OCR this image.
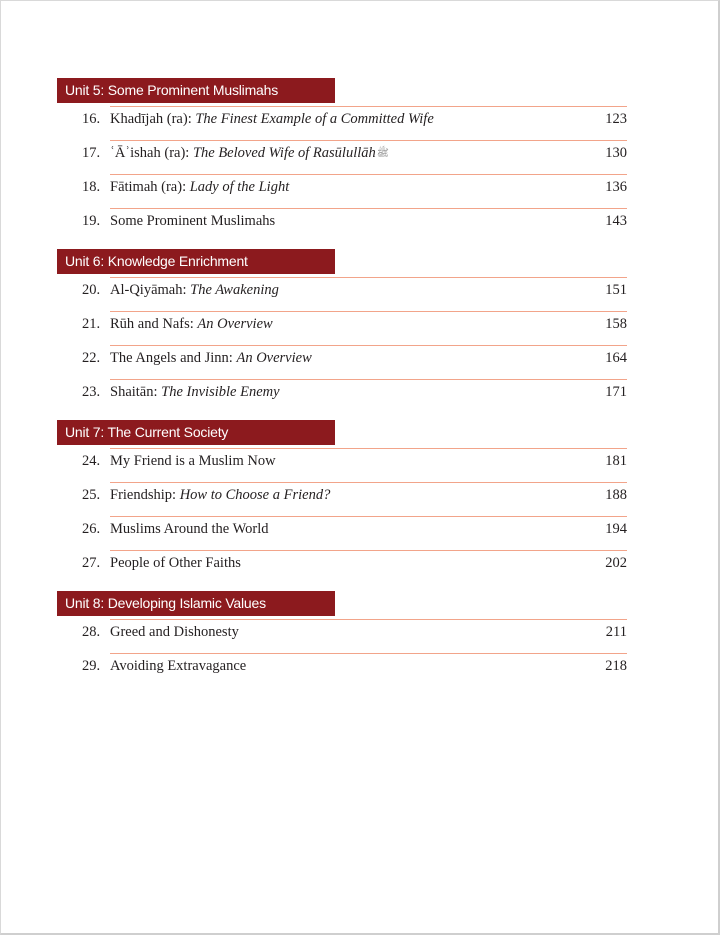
Unit 5: Some Prominent Muslimahs
16. Khadījah (ra): The Finest Example of a Committed Wife	123
17. ʿĀʾishah (ra): The Beloved Wife of Rasūlullāhﷺ	130
18. Fātimah (ra): Lady of the Light	136
19. Some Prominent Muslimahs	143
Unit 6: Knowledge Enrichment
20. Al-Qiyāmah: The Awakening	151
21. Rūh and Nafs: An Overview	158
22. The Angels and Jinn: An Overview	164
23. Shaitān: The Invisible Enemy	171
Unit 7: The Current Society
24. My Friend is a Muslim Now	181
25. Friendship: How to Choose a Friend?	188
26. Muslims Around the World	194
27. People of Other Faiths	202
Unit 8: Developing Islamic Values
28. Greed and Dishonesty	211
29. Avoiding Extravagance	218
